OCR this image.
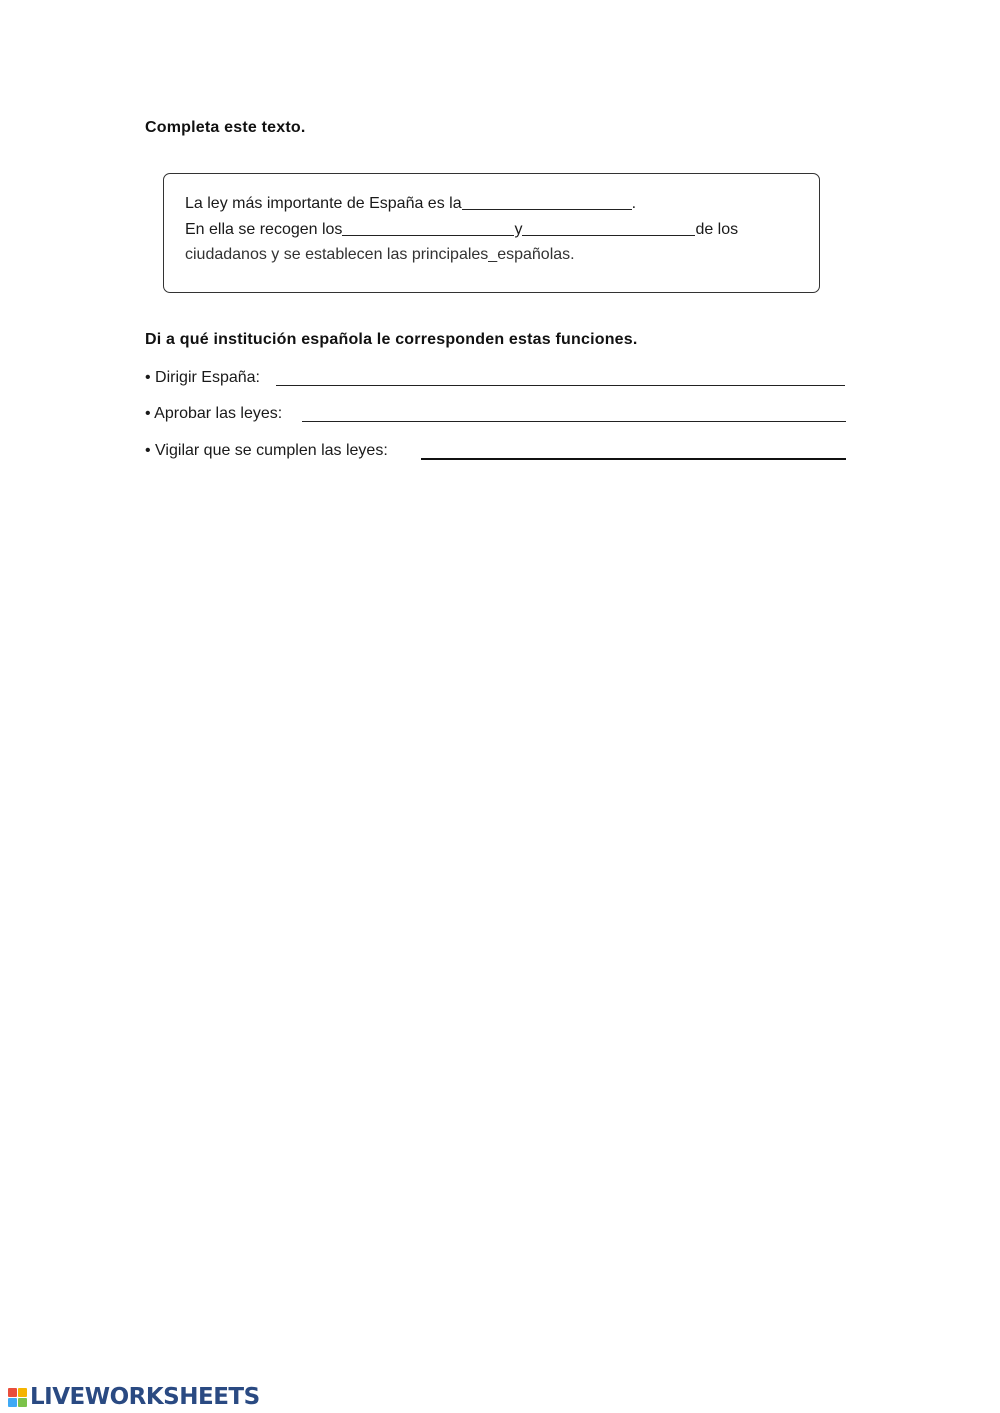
Completa este texto.
La ley más importante de España es la	.
En ella se recogen los	y	de los
ciudadanos y se establecen las principales_españolas.
Di a qué institución española le corresponden estas funciones.
• Dirigir España:
• Aprobar las leyes:
• Vigilar que se cumplen las leyes:
LIVEWORKSHEETS
